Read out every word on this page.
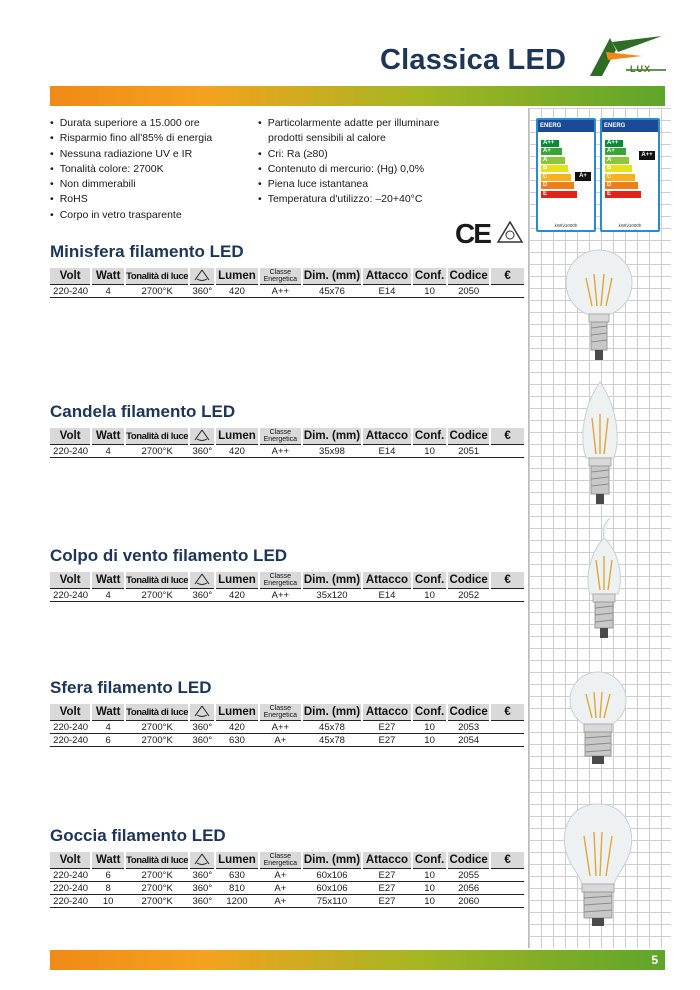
Classica LED	LUX
• Durata superiore a 15.000 ore
• Risparmio fino all'85% di energia
• Nessuna radiazione UV e IR
• Tonalità colore: 2700K
• Non dimmerabili
• RoHS
• Corpo in vetro trasparente
• Particolarmente adatte per illuminare
prodotti sensibili al calore
• Cri: Ra (≥80)
• Contenuto di mercurio: (Hg) 0,0%
• Piena luce istantanea
• Temperatura d'utilizzo: –20+40°C
ENERG
A++
A+
A
B
C
D
E
A+
kWh/1000h
ENERG
A++
A+
A
B
C
D
E
A++
kWh/1000h
CE
Minisfera filamento LED
Volt	Watt	Tonalità di luce		Lumen	Classe
Energetica	Dim. (mm)	Attacco	Conf.	Codice	€
220-240	4	2700°K	360°	420	A++	45x76	E14	10	2050	
Candela filamento LED
Volt	Watt	Tonalità di luce		Lumen	Classe
Energetica	Dim. (mm)	Attacco	Conf.	Codice	€
220-240	4	2700°K	360°	420	A++	35x98	E14	10	2051	
Colpo di vento filamento LED
Volt	Watt	Tonalità di luce		Lumen	Classe
Energetica	Dim. (mm)	Attacco	Conf.	Codice	€
220-240	4	2700°K	360°	420	A++	35x120	E14	10	2052	
Sfera filamento LED
Volt	Watt	Tonalità di luce		Lumen	Classe
Energetica	Dim. (mm)	Attacco	Conf.	Codice	€
220-240	4	2700°K	360°	420	A++	45x78	E27	10	2053	
220-240	6	2700°K	360°	630	A+	45x78	E27	10	2054	
Goccia filamento LED
Volt	Watt	Tonalità di luce		Lumen	Classe
Energetica	Dim. (mm)	Attacco	Conf.	Codice	€
220-240	6	2700°K	360°	630	A+	60x106	E27	10	2055	
220-240	8	2700°K	360°	810	A+	60x106	E27	10	2056	
220-240	10	2700°K	360°	1200	A+	75x110	E27	10	2060	
5
